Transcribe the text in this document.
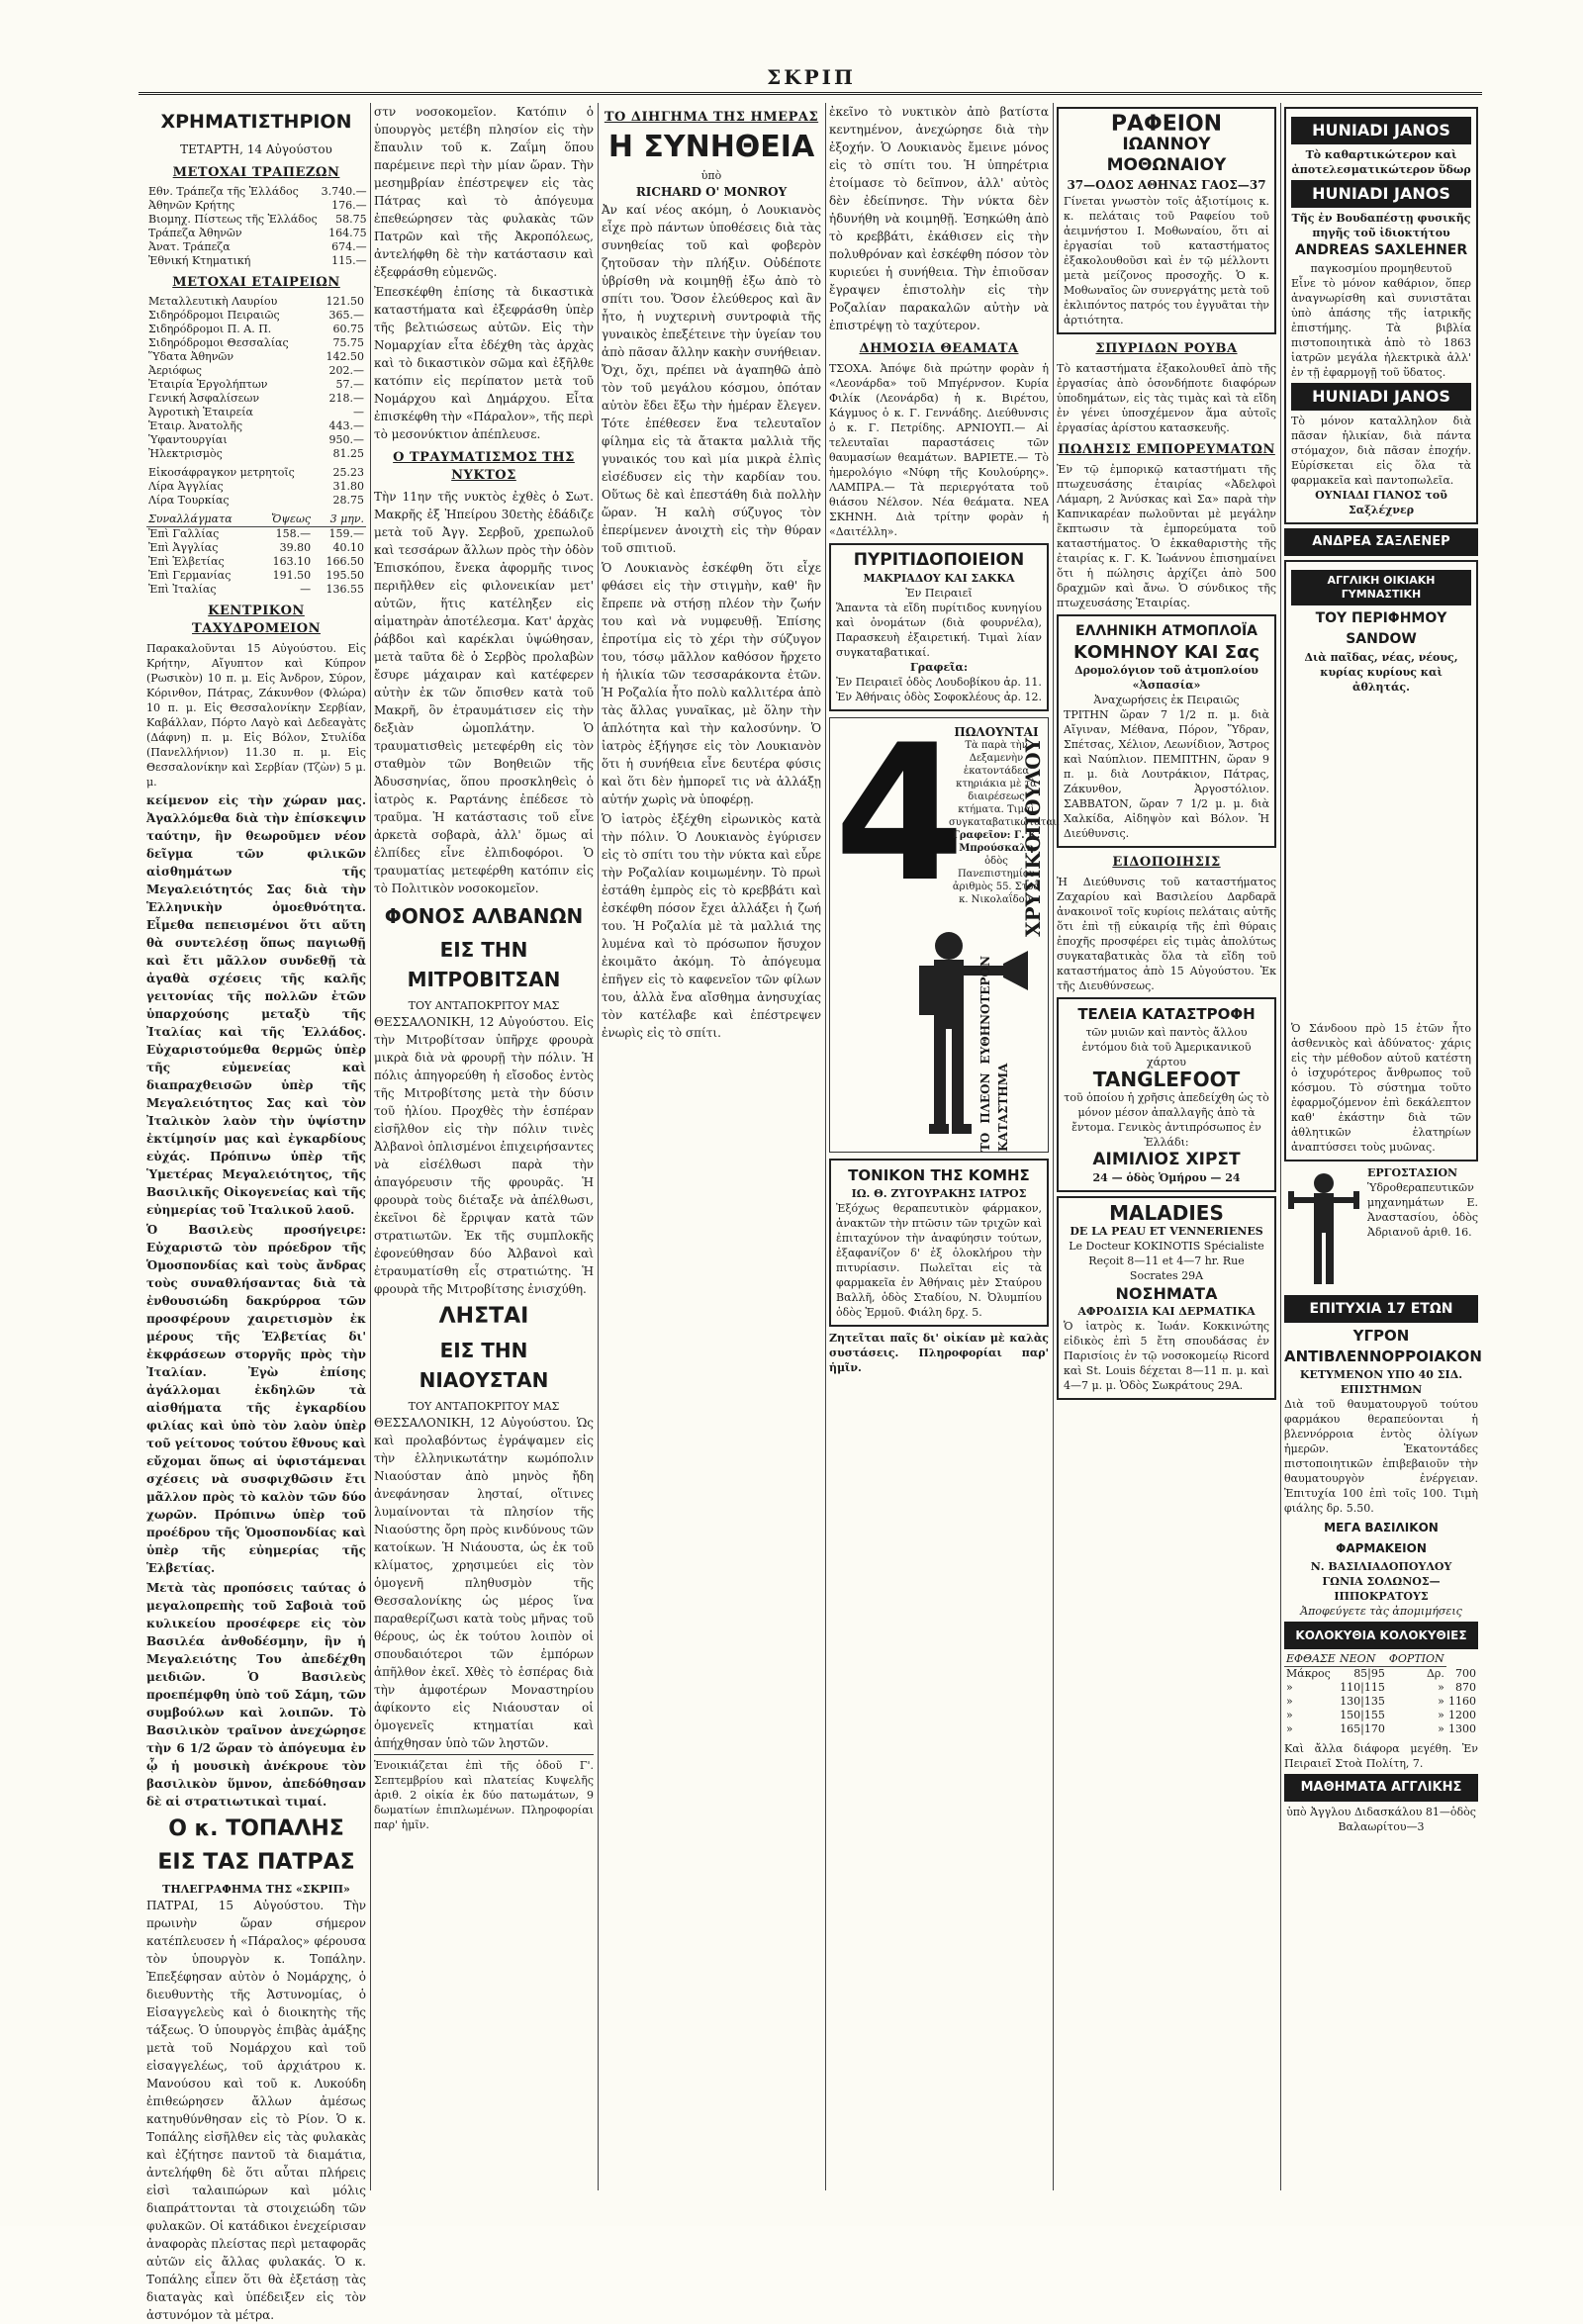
ΣΚΡΙΠ
ΧΡΗΜΑΤΙΣΤΗΡΙΟΝ
ΤΕΤΑΡΤΗ, 14 Αὐγούστου
ΜΕΤΟΧΑΙ ΤΡΑΠΕΖΩΝ
Εθν. Τράπεζα τῆς Ἑλλάδος	3.740.—
Ἀθηνῶν Κρήτης	176.—
Βιομηχ. Πίστεως τῆς Ἑλλάδος	58.75
Τράπεζα Ἀθηνῶν	164.75
Ἀνατ. Τράπεζα	674.—
Ἐθνική Κτηματική	115.—
ΜΕΤΟΧΑΙ ΕΤΑΙΡΕΙΩΝ
Μεταλλευτικὴ Λαυρίου	121.50
Σιδηρόδρομοι Πειραιῶς	365.—
Σιδηρόδρομοι Π. Α. Π.	60.75
Σιδηρόδρομοι Θεσσαλίας	75.75
Ὕδατα Ἀθηνῶν	142.50
Ἀεριόφως	202.—
Ἐταιρία Ἐργολήπτων	57.—
Γενική Ἀσφαλίσεων	218.—
Ἀγροτικὴ Ἑταιρεία	—
Ἑταιρ. Ἀνατολῆς	443.—
Ὑφαντουργίαι	950.—
Ἠλεκτρισμὸς	81.25
Εἰκοσάφραγκον μετρητοῖς	25.23
Λίρα Ἀγγλίας	31.80
Λίρα Τουρκίας	28.75
Συναλλάγματα	Ὄψεως	3 μην.
Ἐπὶ Γαλλίας	158.—	159.—
Ἐπὶ Ἀγγλίας	39.80	40.10
Ἐπὶ Ἑλβετίας	163.10	166.50
Ἐπὶ Γερμανίας	191.50	195.50
Ἐπὶ Ἰταλίας	—	136.55
ΚΕΝΤΡΙΚΟΝ ΤΑΧΥΔΡΟΜΕΙΟΝ
Παρακαλοῦνται 15 Αὐγούστου. Εἰς Κρήτην, Αἴγυπτον καὶ Κύπρον (Ρωσικὸν) 10 π. μ. Εἰς Ἀνδρον, Σύρον, Κόρινθον, Πάτρας, Ζάκυνθον (Φλώρα) 10 π. μ. Εἰς Θεσσαλονίκην Σερβίαν, Καβάλλαν, Πόρτο Λαγὸ καὶ Δεδεαγὰτς (Δάφνη) π. μ. Εἰς Βόλον, Στυλίδα (Πανελλήνιον) 11.30 π. μ. Εἰς Θεσσαλονίκην καὶ Σερβίαν (Τζὼν) 5 μ. μ.
κείμενον εἰς τὴν χώραν μας. Ἀγαλλόμεθα διὰ τὴν ἐπίσκεψιν ταύτην, ἣν θεωροῦμεν νέον δεῖγμα τῶν φιλικῶν αἰσθημάτων τῆς Μεγαλειότητός Σας διὰ τὴν Ἑλληνικὴν ὁμοεθνότητα. Εἶμεθα πεπεισμένοι ὅτι αὕτη θὰ συντελέσῃ ὅπως παγιωθῇ καὶ ἔτι μᾶλλον συνδεθῇ τὰ ἀγαθὰ σχέσεις τῆς καλῆς γειτονίας τῆς πολλῶν ἐτῶν ὑπαρχούσης μεταξὺ τῆς Ἰταλίας καὶ τῆς Ἑλλάδος. Εὐχαριστούμεθα θερμῶς ὑπὲρ τῆς εὐμενείας καὶ διαπραχθεισῶν ὑπὲρ τῆς Μεγαλειότητος Σας καὶ τὸν Ἰταλικὸν λαὸν τὴν ὑψίστην ἐκτίμησίν μας καὶ ἐγκαρδίους εὐχάς. Πρόπινω ὑπὲρ τῆς Ὑμετέρας Μεγαλειότητος, τῆς Βασιλικῆς Οἰκογενείας καὶ τῆς εὐημερίας τοῦ Ἰταλικοῦ λαοῦ.
Ὁ Βασιλεὺς προσήγειρε: Εὐχαριστῶ τὸν πρόεδρον τῆς Ὁμοσπονδίας καὶ τοὺς ἄνδρας τοὺς συναθλήσαντας διὰ τὰ ἐνθουσιώδη δακρύρροα τῶν προσφέρουν χαιρετισμὸν ἐκ μέρους τῆς Ἑλβετίας δι' ἐκφράσεων στοργῆς πρὸς τὴν Ἰταλίαν. Ἐγὼ ἐπίσης ἀγάλλομαι ἐκδηλῶν τὰ αἰσθήματα τῆς ἐγκαρδίου φιλίας καὶ ὑπὸ τὸν λαὸν ὑπὲρ τοῦ γείτονος τούτου ἔθνους καὶ εὔχομαι ὅπως αἱ ὑφιστάμεναι σχέσεις νὰ συσφιχθῶσιν ἔτι μᾶλλον πρὸς τὸ καλὸν τῶν δύο χωρῶν. Πρόπινω ὑπὲρ τοῦ προέδρου τῆς Ὁμοσπονδίας καὶ ὑπὲρ τῆς εὐημερίας τῆς Ἑλβετίας.
Μετὰ τὰς προπόσεις ταύτας ὁ μεγαλοπρεπὴς τοῦ Σαβοιὰ τοῦ κυλικείου προσέφερε εἰς τὸν Βασιλέα ἀνθοδέσμην, ἣν ἡ Μεγαλειότης Του ἀπεδέχθη μειδιῶν. Ὁ Βασιλεὺς προεπέμφθη ὑπὸ τοῦ Σάμη, τῶν συμβούλων καὶ λοιπῶν. Τὸ Βασιλικὸν τραῖνον ἀνεχώρησε τὴν 6 1/2 ὥραν τὸ ἀπόγευμα ἐν ᾧ ἡ μουσικὴ ἀνέκρουε τὸν βασιλικὸν ὕμνον, ἀπεδόθησαν δὲ αἱ στρατιωτικαὶ τιμαί.
Ο κ. ΤΟΠΑΛΗΣ
ΕΙΣ ΤΑΣ ΠΑΤΡΑΣ
ΤΗΛΕΓΡΑΦΗΜΑ ΤΗΣ «ΣΚΡΙΠ»
ΠΑΤΡΑΙ, 15 Αὐγούστου. Τὴν πρωινὴν ὥραν σήμερον κατέπλευσεν ἡ «Πάραλος» φέρουσα τὸν ὑπουργὸν κ. Τοπάλην. Ἐπεξέφησαν αὐτὸν ὁ Νομάρχης, ὁ διευθυντὴς τῆς Ἀστυνομίας, ὁ Εἰσαγγελεὺς καὶ ὁ διοικητὴς τῆς τάξεως. Ὁ ὑπουργὸς ἐπιβὰς ἀμάξης μετὰ τοῦ Νομάρχου καὶ τοῦ εἰσαγγελέως, τοῦ ἀρχιάτρου κ. Μανούσου καὶ τοῦ κ. Λυκούδη ἐπιθεώρησεν ἄλλων ἀμέσως κατηυθύνθησαν εἰς τὸ Ρίον. Ὁ κ. Τοπάλης εἰσῆλθεν εἰς τὰς φυλακὰς καὶ ἐζήτησε παντοῦ τὰ διαμάτια, ἀντελήφθη δὲ ὅτι αὗται πλήρεις εἰσὶ ταλαιπώρων καὶ μόλις διαπράττονται τὰ στοιχειώδη τῶν φυλακῶν. Οἱ κατάδικοι ἐνεχείρισαν ἀναφορὰς πλείστας περὶ μεταφορᾶς αὐτῶν εἰς ἄλλας φυλακάς. Ὁ κ. Τοπάλης εἶπεν ὅτι θὰ ἐξετάσῃ τὰς διαταγὰς καὶ ὑπέδειξεν εἰς τὸν ἀστυνόμον τὰ μέτρα.
στν νοσοκομεῖον. Κατόπιν ὁ ὑπουργὸς μετέβη πλησίον εἰς τὴν ἔπαυλιν τοῦ κ. Ζαΐμη ὅπου παρέμεινε περὶ τὴν μίαν ὥραν. Τὴν μεσημβρίαν ἐπέστρεψεν εἰς τὰς Πάτρας καὶ τὸ ἀπόγευμα ἐπεθεώρησεν τὰς φυλακὰς τῶν Πατρῶν καὶ τῆς Ἀκροπόλεως, ἀντελήφθη δὲ τὴν κατάστασιν καὶ ἐξεφράσθη εὐμενῶς.
Ἐπεσκέφθη ἐπίσης τὰ δικαστικὰ καταστήματα καὶ ἐξεφράσθη ὑπὲρ τῆς βελτιώσεως αὐτῶν. Εἰς τὴν Νομαρχίαν εἶτα ἐδέχθη τὰς ἀρχὰς καὶ τὸ δικαστικὸν σῶμα καὶ ἐξῆλθε κατόπιν εἰς περίπατον μετὰ τοῦ Νομάρχου καὶ Δημάρχου. Εἶτα ἐπισκέφθη τὴν «Πάραλον», τῆς περὶ τὸ μεσονύκτιον ἀπέπλευσε.
Ο ΤΡΑΥΜΑΤΙΣΜΟΣ ΤΗΣ ΝΥΚΤΟΣ
Τὴν 11ην τῆς νυκτὸς ἐχθὲς ὁ Σωτ. Μακρῆς ἐξ Ἠπείρου 30ετὴς ἐδάδιζε μετὰ τοῦ Ἀγγ. Σερβοῦ, χρεπωλοῦ καὶ τεσσάρων ἄλλων πρὸς τὴν ὁδὸν Ἐπισκόπου, ἔνεκα ἀφορμῆς τινος περιῆλθεν εἰς φιλονεικίαν μετ' αὐτῶν, ἥτις κατέληξεν εἰς αἱματηρὰν ἀποτέλεσμα. Κατ' ἀρχὰς ῥάβδοι καὶ καρέκλαι ὑψώθησαν, μετὰ ταῦτα δὲ ὁ Σερβὸς προλαβὼν ἔσυρε μάχαιραν καὶ κατέφερεν αὐτὴν ἐκ τῶν ὄπισθεν κατὰ τοῦ Μακρῆ, ὃν ἐτραυμάτισεν εἰς τὴν δεξιὰν ὠμοπλάτην. Ὁ τραυματισθεὶς μετεφέρθη εἰς τὸν σταθμὸν τῶν Βοηθειῶν τῆς Ἀδυσσηνίας, ὅπου προσκληθεὶς ὁ ἰατρὸς κ. Ραρτάνης ἐπέδεσε τὸ τραῦμα. Ἡ κατάστασις τοῦ εἶνε ἀρκετὰ σοβαρὰ, ἀλλ' ὅμως αἱ ἐλπίδες εἶνε ἐλπιδοφόροι. Ὁ τραυματίας μετεφέρθη κατόπιν εἰς τὸ Πολιτικὸν νοσοκομεῖον.
ΦΟΝΟΣ ΑΛΒΑΝΩΝ
ΕΙΣ ΤΗΝ ΜΙΤΡΟΒΙΤΣΑΝ
ΤΟΥ ΑΝΤΑΠΟΚΡΙΤΟΥ ΜΑΣ
ΘΕΣΣΑΛΟΝΙΚΗ, 12 Αὐγούστου. Εἰς τὴν Μιτροβίτσαν ὑπῆρχε φρουρὰ μικρὰ διὰ νὰ φρουρῇ τὴν πόλιν. Ἡ πόλις ἀπηγορεύθη ἡ εἴσοδος ἐντὸς τῆς Μιτροβίτσης μετὰ τὴν δύσιν τοῦ ἡλίου. Προχθὲς τὴν ἑσπέραν εἰσῆλθον εἰς τὴν πόλιν τινὲς Ἀλβανοὶ ὁπλισμένοι ἐπιχειρήσαντες νὰ εἰσέλθωσι παρὰ τὴν ἀπαγόρευσιν τῆς φρουρᾶς. Ἡ φρουρὰ τοὺς διέταξε νὰ ἀπέλθωσι, ἐκεῖνοι δὲ ἔρριψαν κατὰ τῶν στρατιωτῶν. Ἐκ τῆς συμπλοκῆς ἐφονεύθησαν δύο Ἀλβανοὶ καὶ ἐτραυματίσθη εἷς στρατιώτης. Ἡ φρουρὰ τῆς Μιτροβίτσης ἐνισχύθη.
ΛΗΣΤΑΙ
ΕΙΣ ΤΗΝ ΝΙΑΟΥΣΤΑΝ
ΤΟΥ ΑΝΤΑΠΟΚΡΙΤΟΥ ΜΑΣ
ΘΕΣΣΑΛΟΝΙΚΗ, 12 Αὐγούστου. Ὡς καὶ προλαβόντως ἐγράψαμεν εἰς τὴν ἑλληνικωτάτην κωμόπολιν Νιαούσταν ἀπὸ μηνὸς ἤδη ἀνεφάνησαν λησταί, οἵτινες λυμαίνονται τὰ πλησίον τῆς Νιαούστης ὄρη πρὸς κινδύνους τῶν κατοίκων. Ἡ Νιάουστα, ὡς ἐκ τοῦ κλίματος, χρησιμεύει εἰς τὸν ὁμογενῆ πληθυσμὸν τῆς Θεσσαλονίκης ὡς μέρος ἵνα παραθερίζωσι κατὰ τοὺς μῆνας τοῦ θέρους, ὡς ἐκ τούτου λοιπὸν οἱ σπουδαιότεροι τῶν ἐμπόρων ἀπῆλθον ἐκεῖ. Χθὲς τὸ ἑσπέρας διὰ τὴν ἀμφοτέρων Μοναστηρίου ἀφίκοντο εἰς Νιάουσταν οἱ ὁμογενεῖς κτηματίαι καὶ ἀπήχθησαν ὑπὸ τῶν ληστῶν.
Ἑνοικιάζεται ἐπὶ τῆς ὁδοῦ Γ'. Σεπτεμβρίου καὶ πλατείας Κυψελῆς ἀριθ. 2 οἰκία ἐκ δύο πατωμάτων, 9 δωματίων ἐπιπλωμένων. Πληροφορίαι παρ' ἡμῖν.
ΤΟ ΔΙΗΓΗΜΑ ΤΗΣ ΗΜΕΡΑΣ
Η ΣΥΝΗΘΕΙΑ
ὑπὸ
RICHARD O' MONROY
Ἀν καί νέος ακόμη, ὁ Λουκιανὸς εἶχε πρὸ πάντων ὑποθέσεις διὰ τὰς συνηθείας τοῦ καὶ φοβερὸν ζητοῦσαν τὴν πλήξιν. Οὐδέποτε ὑβρίσθη νὰ κοιμηθῇ ἐξω ἀπὸ τὸ σπίτι του. Ὅσον ἐλεύθερος καὶ ἂν ἦτο, ἡ νυχτερινὴ συντροφιὰ τῆς γυναικὸς ἐπεξέτεινε τὴν ὑγείαν του ἀπὸ πᾶσαν ἄλλην κακὴν συνήθειαν. Ὄχι, ὄχι, πρέπει νὰ ἀγαπηθῶ ἀπὸ τὸν τοῦ μεγάλου κόσμου, ὁπόταν αὐτὸν ἔδει ἔξω τὴν ἡμέραν ἔλεγεν. Τότε ἐπέθεσεν ἕνα τελευταῖον φίλημα εἰς τὰ ἄτακτα μαλλιὰ τῆς γυναικός του καὶ μία μικρὰ ἐλπὶς εἰσέδυσεν εἰς τὴν καρδίαν του. Οὕτως δὲ καὶ ἐπεστάθη διὰ πολλὴν ὥραν. Ἡ καλὴ σύζυγος τὸν ἐπερίμενεν ἀνοιχτὴ εἰς τὴν θύραν τοῦ σπιτιοῦ.
Ὁ Λουκιανὸς ἐσκέφθη ὅτι εἶχε φθάσει εἰς τὴν στιγμὴν, καθ' ἣν ἔπρεπε νὰ στήσῃ πλέον τὴν ζωήν του καὶ νὰ νυμφευθῇ. Ἐπίσης ἐπροτίμα εἰς τὸ χέρι τὴν σύζυγον του, τόσῳ μᾶλλον καθόσον ἤρχετο ἡ ἡλικία τῶν τεσσαράκοντα ἐτῶν. Ἡ Ροζαλία ἦτο πολὺ καλλιτέρα ἀπὸ τὰς ἄλλας γυναῖκας, μὲ ὅλην τὴν ἁπλότητα καὶ τὴν καλοσύνην. Ὁ ἰατρὸς ἐξήγησε εἰς τὸν Λουκιανὸν ὅτι ἡ συνήθεια εἶνε δευτέρα φύσις καὶ ὅτι δὲν ἠμπορεῖ τις νὰ ἀλλάξῃ αὐτήν χωρὶς νὰ ὑποφέρῃ.
Ὁ ἰατρὸς ἐξέχθη εἰρωνικὸς κατὰ τὴν πόλιν. Ὁ Λουκιανὸς ἐγύρισεν εἰς τὸ σπίτι του τὴν νύκτα καὶ εὗρε τὴν Ροζαλίαν κοιμωμένην. Τὸ πρωὶ ἐστάθη ἐμπρὸς εἰς τὸ κρεββάτι καὶ ἐσκέφθη πόσον ἔχει ἀλλάξει ἡ ζωή του. Ἡ Ροζαλία μὲ τὰ μαλλιά της λυμένα καὶ τὸ πρόσωπον ἥσυχον ἐκοιμᾶτο ἀκόμη. Τὸ ἀπόγευμα ἐπῆγεν εἰς τὸ καφενεῖον τῶν φίλων του, ἀλλὰ ἔνα αἴσθημα ἀνησυχίας τὸν κατέλαβε καὶ ἐπέστρεψεν ἐνωρὶς εἰς τὸ σπίτι.
ἐκεῖνο τὸ νυκτικὸν ἀπὸ βατίστα κεντημένον, ἀνεχώρησε διὰ τὴν ἐξοχήν. Ὁ Λουκιανὸς ἔμεινε μόνος εἰς τὸ σπίτι του. Ἡ ὑπηρέτρια ἐτοίμασε τὸ δεῖπνον, ἀλλ' αὐτὸς δὲν ἐδείπνησε. Τὴν νύκτα δὲν ἠδυνήθη νὰ κοιμηθῇ. Ἐσηκώθη ἀπὸ τὸ κρεββάτι, ἐκάθισεν εἰς τὴν πολυθρόναν καὶ ἐσκέφθη πόσον τὸν κυριεύει ἡ συνήθεια. Τὴν ἐπιοῦσαν ἔγραψεν ἐπιστολὴν εἰς τὴν Ροζαλίαν παρακαλῶν αὐτὴν νὰ ἐπιστρέψῃ τὸ ταχύτερον.
ΔΗΜΟΣΙΑ ΘΕΑΜΑΤΑ
ΤΣΟΧΑ. Ἀπόψε διὰ πρώτην φορὰν ἡ «Λεονάρδα» τοῦ Μπγέρνσον. Κυρία Φιλίκ (Λεονάρδα) ἡ κ. Βιρέτου, Κάγμυος ὁ κ. Γ. Γεννάδης. Διεύθυνσις ὁ κ. Γ. Πετρίδης. ΑΡΝΙΟΥΠ.— Αἱ τελευταῖαι παραστάσεις τῶν θαυμασίων θεαμάτων. ΒΑΡΙΕΤΕ.— Τὸ ἡμερολόγιο «Νύφη τῆς Κουλούρης». ΛΑΜΠΡΑ.— Τὰ περιεργότατα τοῦ θιάσου Νέλσον. Νέα θεάματα. ΝΕΑ ΣΚΗΝΗ. Διὰ τρίτην φορὰν ἡ «Δαιτέλλη».
ΠΥΡΙΤΙΔΟΠΟΙΕΙΟΝ
ΜΑΚΡΙΑΔΟΥ ΚΑΙ ΣΑΚΚΑ
Ἐν Πειραιεῖ
Ἅπαντα τὰ εἴδη πυρίτιδος κυνηγίου καὶ ὀνομάτων (διὰ φουρνέλα), Παρασκευὴ ἐξαιρετική. Τιμαὶ λίαν συγκαταβατικαί.
Γραφεῖα:
Ἐν Πειραιεῖ ὁδὸς Λουδοβίκου ἀρ. 11. Ἐν Ἀθήναις ὁδὸς Σοφοκλέους ἀρ. 12.
4
ΠΩΛΟΥΝΤΑΙ
Τὰ παρὰ τὴν Δεξαμενὴν ἐκατοντάδεα κτηριάκια μὲ τὰ διαιρέσεως κτήματα. Τιμαὶ συγκαταβατικώταται.
Γραφεῖον: Γ. Κ. Μπρούσκαλη
ὁδὸς Πανεπιστημίου ἀριθμὸς 55. Στοὰ κ. Νικολαΐδου.
ΧΡΥΣΙΚΟΠΟΥΛΟΥ
ΤΟ ΠΛΕΟΝ ΕΥΘΗΝΟΤΕΡΟΝ ΚΑΤΑΣΤΗΜΑ
ΤΟΝΙΚΟΝ ΤΗΣ ΚΟΜΗΣ
ΙΩ. Θ. ΖΥΓΟΥΡΑΚΗΣ ΙΑΤΡΟΣ
Ἐξόχως θεραπευτικὸν φάρμακον, ἀνακτῶν τὴν πτῶσιν τῶν τριχῶν καὶ ἐπιταχύνον τὴν ἀναφύησιν τούτων, ἐξαφανίζον δ' ἐξ ὁλοκλήρου τὴν πιτυρίασιν. Πωλεῖται εἰς τὰ φαρμακεῖα ἐν Ἀθήναις μὲν Σταύρου Βαλλῆ, ὁδὸς Σταδίου, Ν. Ὀλυμπίου ὁδὸς Ἑρμοῦ. Φιάλη δρχ. 5.
Ζητεῖται παῖς δι' οἰκίαν μὲ καλὰς συστάσεις. Πληροφορίαι παρ' ἡμῖν.
ΡΑΦΕΙΟΝ
ΙΩΑΝΝΟΥ ΜΟΘΩΝΑΙΟΥ
37—ΟΔΟΣ ΑΘΗΝΑΣ ΓΑΟΣ—37
Γίνεται γνωστὸν τοῖς ἀξιοτίμοις κ. κ. πελάταις τοῦ Ραφείου τοῦ ἀειμνήστου Ι. Μοθωναίου, ὅτι αἱ ἐργασίαι τοῦ καταστήματος ἐξακολουθοῦσι καὶ ἐν τῷ μέλλοντι μετὰ μείζονος προσοχῆς. Ὁ κ. Μοθωναῖος ὢν συνεργάτης μετὰ τοῦ ἐκλιπόντος πατρός του ἐγγυᾶται τὴν ἀρτιότητα.
ΣΠΥΡΙΔΩΝ ΡΟΥΒΑ
Τὸ καταστήματα ἐξακολουθεῖ ἀπὸ τῆς ἐργασίας ἀπὸ ὁσονδήποτε διαφόρων ὑποδημάτων, εἰς τὰς τιμὰς καὶ τὰ εἴδη ἐν γένει ὑποσχέμενον ἅμα αὐτοῖς ἐργασίας ἀρίστου κατασκευῆς.
ΠΩΛΗΣΙΣ ΕΜΠΟΡΕΥΜΑΤΩΝ
Ἐν τῷ ἐμπορικῷ καταστήματι τῆς πτωχευσάσης ἑταιρίας «Ἀδελφοὶ Λάμαρη, 2 Ἀνύσκας καὶ Σα» παρὰ τὴν Καπνικαρέαν πωλοῦνται μὲ μεγάλην ἔκπτωσιν τὰ ἐμπορεύματα τοῦ καταστήματος. Ὁ ἐκκαθαριστὴς τῆς ἐταιρίας κ. Γ. Κ. Ἰωάννου ἐπισημαίνει ὅτι ἡ πώλησις ἀρχίζει ἀπὸ 500 δραχμῶν καὶ ἄνω. Ὁ σύνδικος τῆς πτωχευσάσης Ἑταιρίας.
ΕΛΛΗΝΙΚΗ ΑΤΜΟΠΛΟΪΑ
ΚΟΜΗΝΟΥ ΚΑΙ Σας
Δρομολόγιον τοῦ ἀτμοπλοίου «Ἀσπασία»
Ἀναχωρήσεις ἐκ Πειραιῶς
ΤΡΙΤΗΝ ὥραν 7 1/2 π. μ. διὰ Αἴγιναν, Μέθανα, Πόρον, Ὕδραν, Σπέτσας, Χέλιον, Λεωνίδιον, Ἄστρος καὶ Ναύπλιον. ΠΕΜΠΤΗΝ, ὥραν 9 π. μ. διὰ Λουτράκιον, Πάτρας, Ζάκυνθον, Ἀργοστόλιον. ΣΑΒΒΑΤΟΝ, ὥραν 7 1/2 μ. μ. διὰ Χαλκίδα, Αἰδηψὸν καὶ Βόλον. Ἡ Διεύθυνσις.
ΕΙΔΟΠΟΙΗΣΙΣ
Ἡ Διεύθυνσις τοῦ καταστήματος Ζαχαρίου καὶ Βασιλείου Δαρδαρᾶ ἀνακοινοῖ τοῖς κυρίοις πελάταις αὐτῆς ὅτι ἐπὶ τῇ εὐκαιρίᾳ τῆς ἐπὶ θύραις ἐποχῆς προσφέρει εἰς τιμὰς ἀπολύτως συγκαταβατικὰς ὅλα τὰ εἴδη τοῦ καταστήματος ἀπὸ 15 Αὐγούστου. Ἐκ τῆς Διευθύνσεως.
ΤΕΛΕΙΑ ΚΑΤΑΣΤΡΟΦΗ
τῶν μυιῶν καὶ παντὸς ἄλλου ἐντόμου διὰ τοῦ Ἀμερικανικοῦ χάρτου
TANGLEFOOT
τοῦ ὁποίου ἡ χρῆσις ἀπεδείχθη ὡς τὸ μόνον μέσον ἀπαλλαγῆς ἀπὸ τὰ ἔντομα. Γενικὸς ἀντιπρόσωπος ἐν Ἑλλάδι:
ΑΙΜΙΛΙΟΣ ΧΙΡΣΤ
24 — ὁδὸς Ὁμήρου — 24
MALADIES
DE LA PEAU ET VENNERIENES
Le Docteur KOKINOTIS Spécialiste
Reçoit 8—11 et 4—7 hr. Rue Socrates 29A
ΝΟΣΗΜΑΤΑ
ΑΦΡΟΔΙΣΙΑ ΚΑΙ ΔΕΡΜΑΤΙΚΑ
Ὁ ἰατρὸς κ. Ἰωάν. Κοκκινώτης εἰδικὸς ἐπὶ 5 ἔτη σπουδάσας ἐν Παρισίοις ἐν τῷ νοσοκομείῳ Ricord καὶ St. Louis δέχεται 8—11 π. μ. καὶ 4—7 μ. μ. Ὁδὸς Σωκράτους 29Α.
HUNIADI JANOS
Τὸ καθαρτικώτερον καὶ ἀποτελεσματικώτερον ὕδωρ
HUNIADI JANOS
Τῆς ἐν Βουδαπέστῃ φυσικῆς πηγῆς τοῦ ἰδιοκτήτου
ANDREAS SAXLEHNER
παγκοσμίου προμηθευτοῦ
Εἶνε τὸ μόνον καθάριον, ὅπερ ἀναγνωρίσθη καὶ συνιστᾶται ὑπὸ ἁπάσης τῆς ἰατρικῆς ἐπιστήμης. Τὰ βιβλία πιστοποιητικὰ ἀπὸ τὸ 1863 ἰατρῶν μεγάλα ἠλεκτρικὰ ἀλλ' ἐν τῇ ἐφαρμογῇ τοῦ ὕδατος.
HUNIADI JANOS
Τὸ μόνον καταλληλον διὰ πᾶσαν ἡλικίαν, διὰ πάντα στόμαχον, διὰ πᾶσαν ἐποχήν. Εὑρίσκεται εἰς ὅλα τὰ φαρμακεῖα καὶ παντοπωλεῖα.
ΟΥΝΙΑΔΙ ΓΙΑΝΟΣ τοῦ Σαξλέχνερ
ΑΝΔΡΕΑ ΣΑΞΛΕΝΕΡ
ΑΓΓΛΙΚΗ ΟΙΚΙΑΚΗ ΓΥΜΝΑΣΤΙΚΗ
ΤΟΥ ΠΕΡΙΦΗΜΟΥ SANDOW
Διὰ παῖδας, νέας, νέους, κυρίας κυρίους καὶ ἀθλητάς.
Ὁ Σάνδοου πρὸ 15 ἐτῶν ἦτο ἀσθενικὸς καὶ ἀδύνατος· χάρις εἰς τὴν μέθοδον αὐτοῦ κατέστη ὁ ἰσχυρότερος ἄνθρωπος τοῦ κόσμου. Τὸ σύστημα τοῦτο ἐφαρμοζόμενον ἐπὶ δεκάλεπτον καθ' ἑκάστην διὰ τῶν ἀθλητικῶν ἐλατηρίων ἀναπτύσσει τοὺς μυῶνας.
ΕΡΓΟΣΤΑΣΙΟΝ
Ὑδροθεραπευτικῶν μηχανημάτων Ε. Ἀναστασίου, ὁδὸς Ἀδριανοῦ ἀριθ. 16.
ΕΠΙΤΥΧΙΑ 17 ΕΤΩΝ
ΥΓΡΟΝ ΑΝΤΙΒΛΕΝΝΟΡΡΟΙΑΚΟΝ
ΚΕΤΥΜΕΝΟΝ ΥΠΟ 40 ΣΙΔ. ΕΠΙΣΤΗΜΩΝ
Διὰ τοῦ θαυματουργοῦ τούτου φαρμάκου θεραπεύονται ἡ βλεννόρροια ἐντὸς ὀλίγων ἡμερῶν. Ἐκατοντάδες πιστοποιητικῶν ἐπιβεβαιοῦν τὴν θαυματουργὸν ἐνέργειαν. Ἐπιτυχία 100 ἐπὶ τοῖς 100. Τιμὴ φιάλης δρ. 5.50.
ΜΕΓΑ ΒΑΣΙΛΙΚΟΝ ΦΑΡΜΑΚΕΙΟΝ
Ν. ΒΑΣΙΛΙΑΔΟΠΟΥΛΟΥ
ΓΩΝΙΑ ΣΟΛΩΝΟΣ—ΙΠΠΟΚΡΑΤΟΥΣ
Ἀποφεύγετε τὰς ἀπομιμήσεις
ΚΟΛΟΚΥΘΙΑ ΚΟΛΟΚΥΘΙΕΣ
ΕΦΘΑΣΕ	ΝΕΟΝ	ΦΟΡΤΙΟΝ	
Μάκρος	85|95	Δρ.	700
»	110|115	»	870
»	130|135	»	1160
»	150|155	»	1200
»	165|170	»	1300
Καὶ ἄλλα διάφορα μεγέθη. Ἐν Πειραιεῖ Στοὰ Πολίτη, 7.
ΜΑΘΗΜΑΤΑ ΑΓΓΛΙΚΗΣ
ὑπὸ Ἀγγλου Διδασκάλου 81—ὁδὸς Βαλαωρίτου—3
